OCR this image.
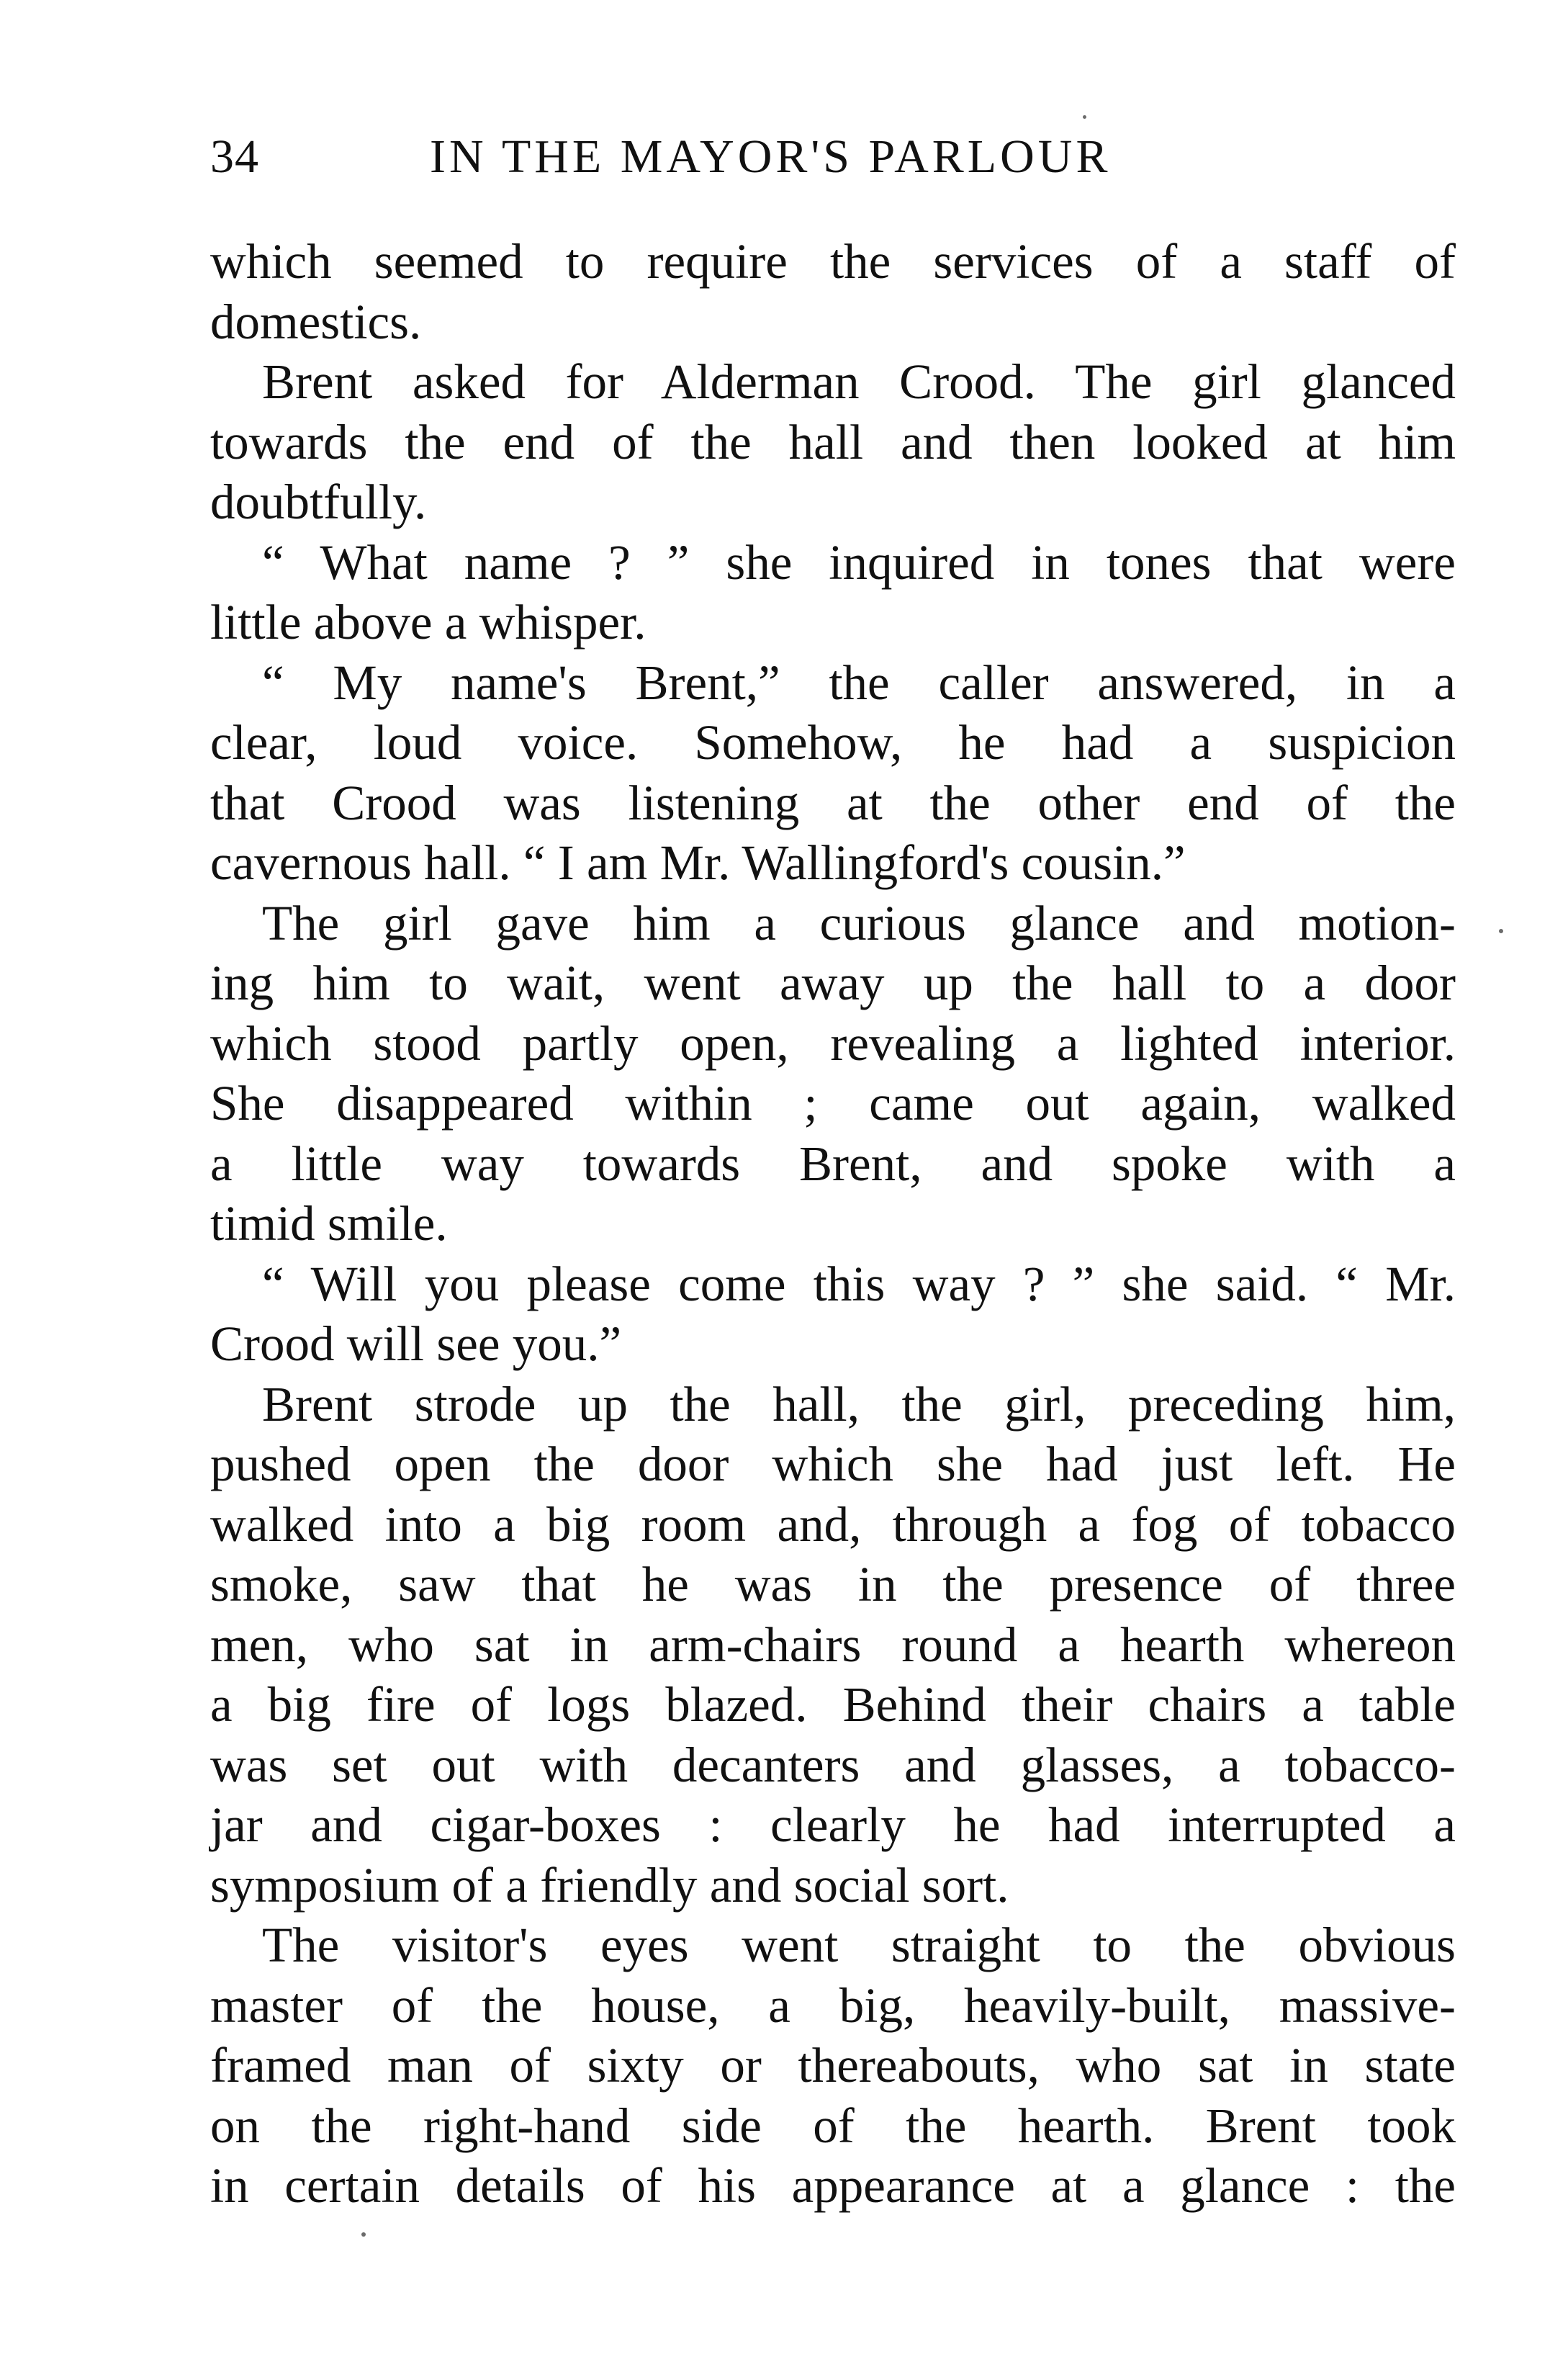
34	IN THE MAYOR'S PARLOUR
which seemed to require the services of a staff of
domestics.
Brent asked for Alderman Crood. The girl glanced
towards the end of the hall and then looked at him
doubtfully.
“ What name ? ” she inquired in tones that were
little above a whisper.
“ My name's Brent,” the caller answered, in a
clear, loud voice. Somehow, he had a suspicion
that Crood was listening at the other end of the
cavernous hall. “ I am Mr. Wallingford's cousin.”
The girl gave him a curious glance and motion-
ing him to wait, went away up the hall to a door
which stood partly open, revealing a lighted interior.
She disappeared within ; came out again, walked
a little way towards Brent, and spoke with a
timid smile.
“ Will you please come this way ? ” she said. “ Mr.
Crood will see you.”
Brent strode up the hall, the girl, preceding him,
pushed open the door which she had just left. He
walked into a big room and, through a fog of tobacco
smoke, saw that he was in the presence of three
men, who sat in arm-chairs round a hearth whereon
a big fire of logs blazed. Behind their chairs a table
was set out with decanters and glasses, a tobacco-
jar and cigar-boxes : clearly he had interrupted a
symposium of a friendly and social sort.
The visitor's eyes went straight to the obvious
master of the house, a big, heavily-built, massive-
framed man of sixty or thereabouts, who sat in state
on the right-hand side of the hearth. Brent took
in certain details of his appearance at a glance : the
